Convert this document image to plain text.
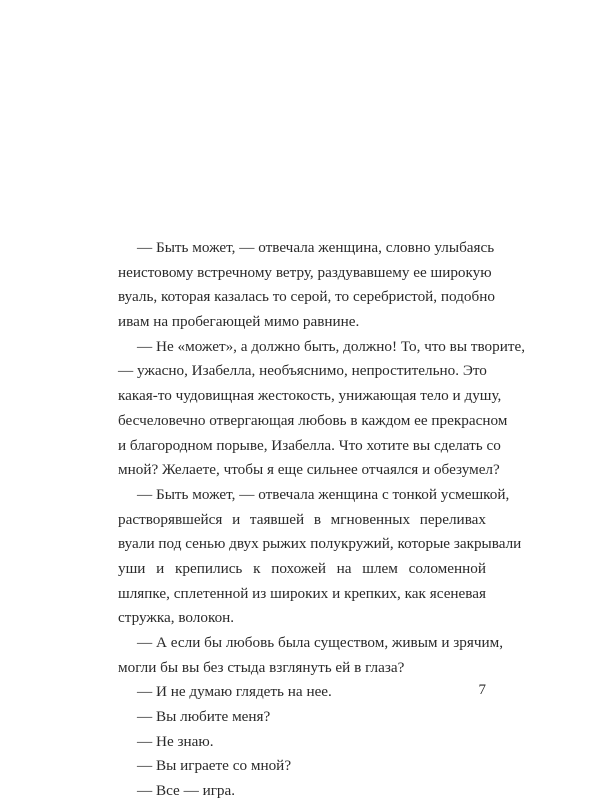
— Быть может, — отвечала женщина, словно улыбаясь
неистовому встречному ветру, раздувавшему ее широкую
вуаль, которая казалась то серой, то серебристой, подобно
ивам на пробегающей мимо равнине.
— Не «может», а должно быть, должно! То, что вы творите,
— ужасно, Изабелла, необъяснимо, непростительно. Это
какая-то чудовищная жестокость, унижающая тело и душу,
бесчеловечно отвергающая любовь в каждом ее прекрасном
и благородном порыве, Изабелла. Что хотите вы сделать со
мной? Желаете, чтобы я еще сильнее отчаялся и обезумел?
— Быть может, — отвечала женщина с тонкой усмешкой,
растворявшейся и таявшей в мгновенных переливах
вуали под сенью двух рыжих полукружий, которые закрывали
уши и крепились к похожей на шлем соломенной
шляпке, сплетенной из широких и крепких, как ясеневая
стружка, волокон.
— А если бы любовь была существом, живым и зрячим,
могли бы вы без стыда взглянуть ей в глаза?
— И не думаю глядеть на нее.
— Вы любите меня?
— Не знаю.
— Вы играете со мной?
— Все — игра.
7
